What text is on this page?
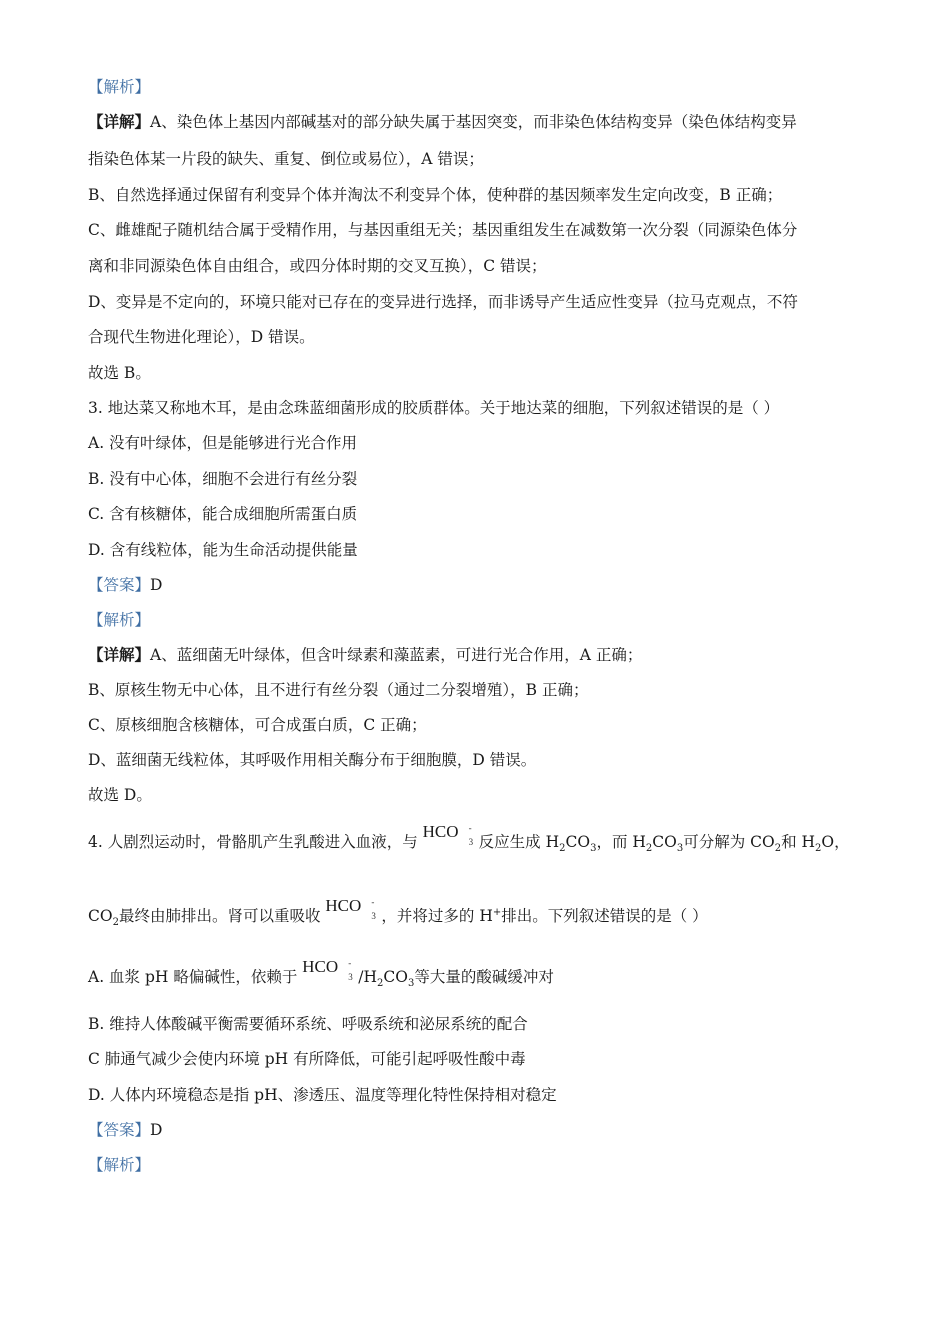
【解析】
【详解】A、染色体上基因内部碱基对的部分缺失属于基因突变，而非染色体结构变异（染色体结构变异
指染色体某一片段的缺失、重复、倒位或易位），A 错误；
B、自然选择通过保留有利变异个体并淘汰不利变异个体，使种群的基因频率发生定向改变，B 正确；
C、雌雄配子随机结合属于受精作用，与基因重组无关；基因重组发生在减数第一次分裂（同源染色体分
离和非同源染色体自由组合，或四分体时期的交叉互换），C 错误；
D、变异是不定向的，环境只能对已存在的变异进行选择，而非诱导产生适应性变异（拉马克观点，不符
合现代生物进化理论），D 错误。
故选 B。
3. 地达菜又称地木耳，是由念珠蓝细菌形成的胶质群体。关于地达菜的细胞，下列叙述错误的是（ ）
A. 没有叶绿体，但是能够进行光合作用
B. 没有中心体，细胞不会进行有丝分裂
C. 含有核糖体，能合成细胞所需蛋白质
D. 含有线粒体，能为生命活动提供能量
【答案】D
【解析】
【详解】A、蓝细菌无叶绿体，但含叶绿素和藻蓝素，可进行光合作用，A 正确；
B、原核生物无中心体，且不进行有丝分裂（通过二分裂增殖），B 正确；
C、原核细胞含核糖体，可合成蛋白质，C 正确；
D、蓝细菌无线粒体，其呼吸作用相关酶分布于细胞膜，D 错误。
故选 D。
4. 人剧烈运动时，骨骼肌产生乳酸进入血液，与 HCO -
3 反应生成 $H_2CO_3$，而 $H_2CO_3$可分解为 $CO_2$和 $H_2O$，
$CO_2$最终由肺排出。肾可以重吸收 HCO -
3 ，并将过多的 H+排出。下列叙述错误的是（ ）
A. 血浆 pH 略偏碱性，依赖于 HCO -
3 $/H_2CO_3$等大量的酸碱缓冲对
B. 维持人体酸碱平衡需要循环系统、呼吸系统和泌尿系统的配合
C 肺通气减少会使内环境 pH 有所降低，可能引起呼吸性酸中毒
D. 人体内环境稳态是指 pH、渗透压、温度等理化特性保持相对稳定
【答案】D
【解析】
